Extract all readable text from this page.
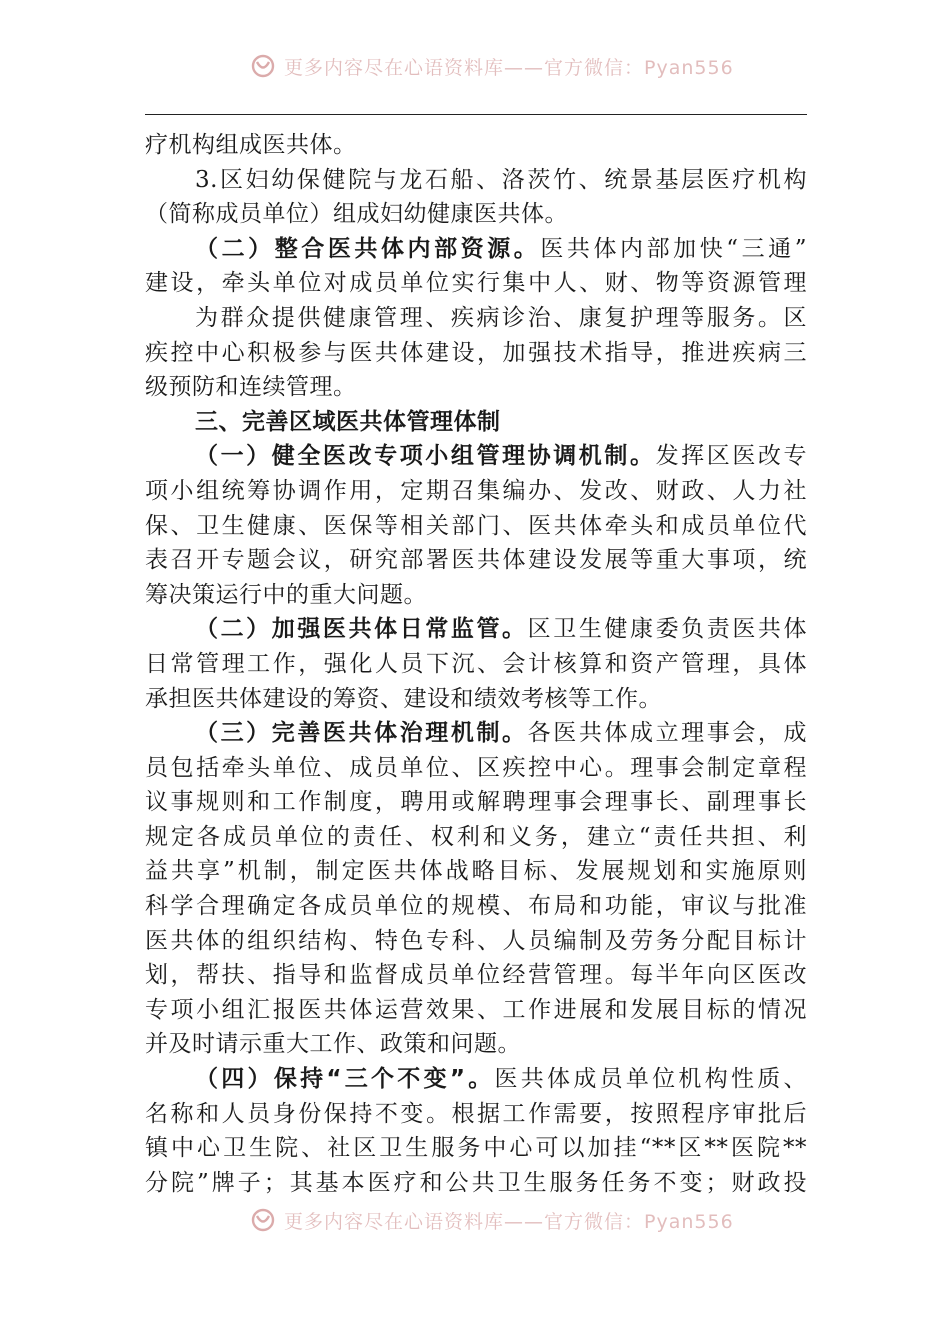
更多内容尽在心语资料库——官方微信：Pyan556
疗机构组成医共体。
3.区妇幼保健院与龙石船、洛茨竹、统景基层医疗机构
（简称成员单位）组成妇幼健康医共体。
（二）整合医共体内部资源。医共体内部加快“三通”
建设，牵头单位对成员单位实行集中人、财、物等资源管理
为群众提供健康管理、疾病诊治、康复护理等服务。区
疾控中心积极参与医共体建设，加强技术指导，推进疾病三
级预防和连续管理。
三、完善区域医共体管理体制
（一）健全医改专项小组管理协调机制。发挥区医改专
项小组统筹协调作用，定期召集编办、发改、财政、人力社
保、卫生健康、医保等相关部门、医共体牵头和成员单位代
表召开专题会议，研究部署医共体建设发展等重大事项，统
筹决策运行中的重大问题。
（二）加强医共体日常监管。区卫生健康委负责医共体
日常管理工作，强化人员下沉、会计核算和资产管理，具体
承担医共体建设的筹资、建设和绩效考核等工作。
（三）完善医共体治理机制。各医共体成立理事会，成
员包括牵头单位、成员单位、区疾控中心。理事会制定章程
议事规则和工作制度，聘用或解聘理事会理事长、副理事长
规定各成员单位的责任、权利和义务，建立“责任共担、利
益共享”机制，制定医共体战略目标、发展规划和实施原则
科学合理确定各成员单位的规模、布局和功能，审议与批准
医共体的组织结构、特色专科、人员编制及劳务分配目标计
划，帮扶、指导和监督成员单位经营管理。每半年向区医改
专项小组汇报医共体运营效果、工作进展和发展目标的情况
并及时请示重大工作、政策和问题。
（四）保持“三个不变”。医共体成员单位机构性质、
名称和人员身份保持不变。根据工作需要，按照程序审批后
镇中心卫生院、社区卫生服务中心可以加挂“**区**医院**
分院”牌子；其基本医疗和公共卫生服务任务不变；财政投
更多内容尽在心语资料库——官方微信：Pyan556
